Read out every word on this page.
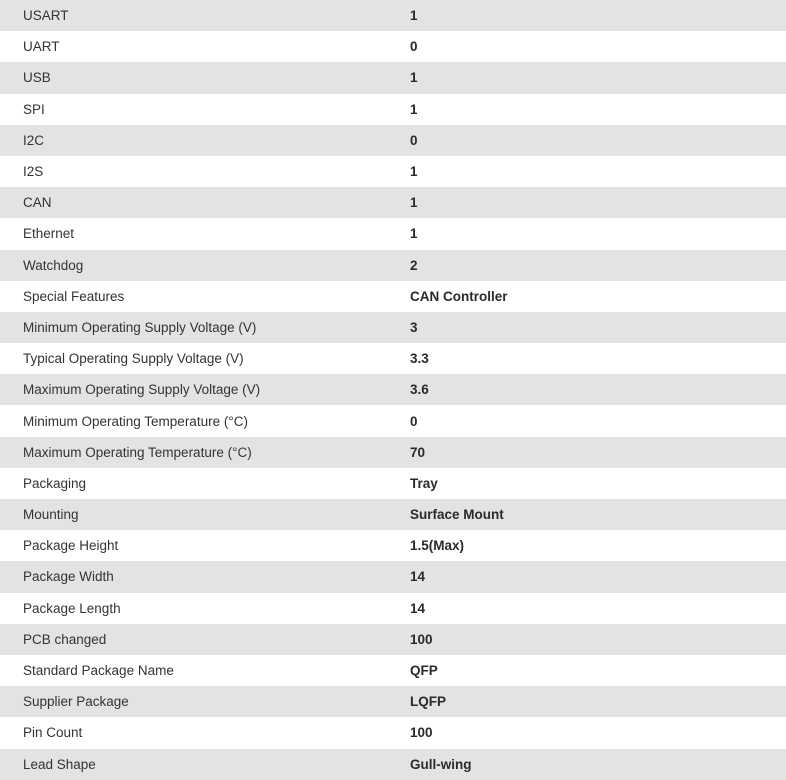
USART	1
UART	0
USB	1
SPI	1
I2C	0
I2S	1
CAN	1
Ethernet	1
Watchdog	2
Special Features	CAN Controller
Minimum Operating Supply Voltage (V)	3
Typical Operating Supply Voltage (V)	3.3
Maximum Operating Supply Voltage (V)	3.6
Minimum Operating Temperature (°C)	0
Maximum Operating Temperature (°C)	70
Packaging	Tray
Mounting	Surface Mount
Package Height	1.5(Max)
Package Width	14
Package Length	14
PCB changed	100
Standard Package Name	QFP
Supplier Package	LQFP
Pin Count	100
Lead Shape	Gull-wing
